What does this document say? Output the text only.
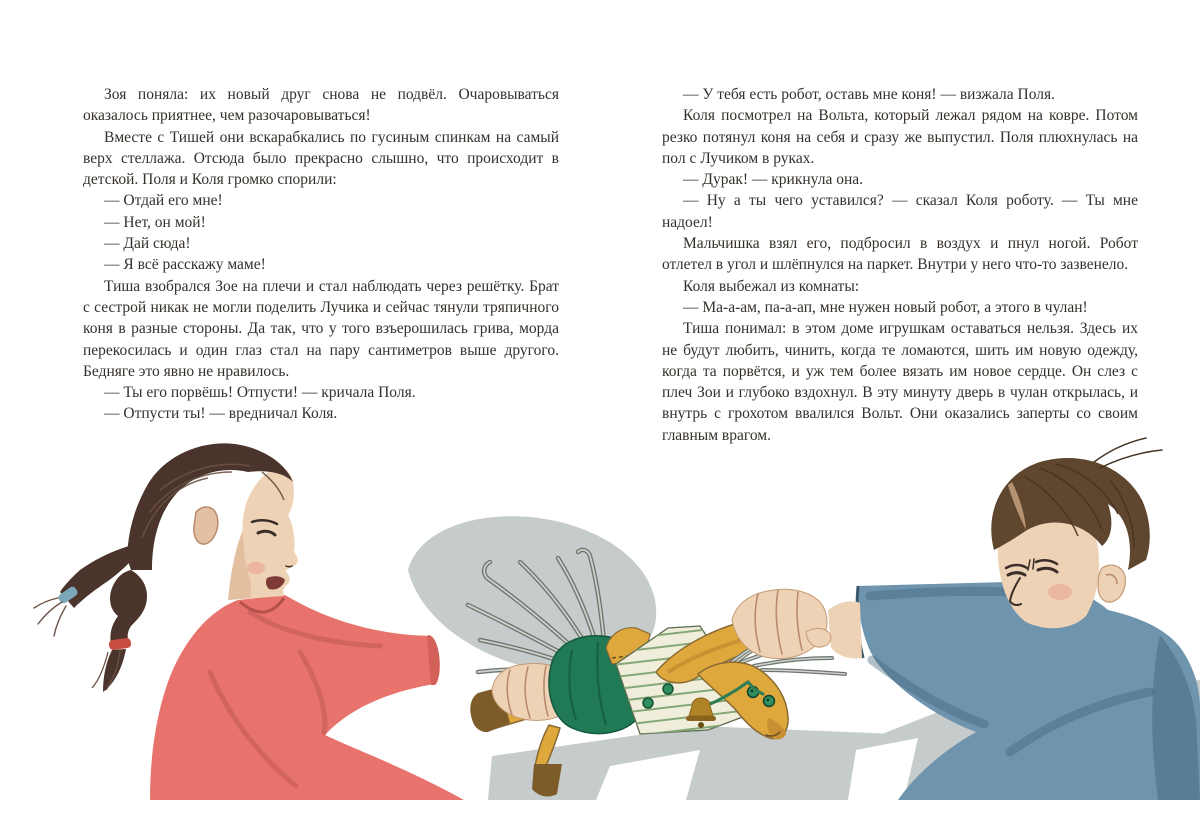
Зоя поняла: их новый друг снова не подвёл. Очаровываться оказалось приятнее, чем разочаровываться!

Вместе с Тишей они вскарабкались по гусиным спинкам на самый верх стеллажа. Отсюда было прекрасно слышно, что происходит в детской. Поля и Коля громко спорили:

— Отдай его мне!

— Нет, он мой!

— Дай сюда!

— Я всё расскажу маме!

Тиша взобрался Зое на плечи и стал наблюдать через решётку. Брат с сестрой никак не могли поделить Лучика и сейчас тянули тряпичного коня в разные стороны. Да так, что у того взъерошилась грива, морда перекосилась и один глаз стал на пару сантиметров выше другого. Бедняге это явно не нравилось.

— Ты его порвёшь! Отпусти! — кричала Поля.

— Отпусти ты! — вредничал Коля.

— У тебя есть робот, оставь мне коня! — визжала Поля.

Коля посмотрел на Вольта, который лежал рядом на ковре. Потом резко потянул коня на себя и сразу же выпустил. Поля плюхнулась на пол с Лучиком в руках.

— Дурак! — крикнула она.

— Ну а ты чего уставился? — сказал Коля роботу. — Ты мне надоел!

Мальчишка взял его, подбросил в воздух и пнул ногой. Робот отлетел в угол и шлёпнулся на паркет. Внутри у него что-то зазвенело.

Коля выбежал из комнаты:

— Ма-а-ам, па-а-ап, мне нужен новый робот, а этого в чулан!

Тиша понимал: в этом доме игрушкам оставаться нельзя. Здесь их не будут любить, чинить, когда те ломаются, шить им новую одежду, когда та порвётся, и уж тем более вязать им новое сердце. Он слез с плеч Зои и глубоко вздохнул. В эту минуту дверь в чулан открылась, и внутрь с грохотом ввалился Вольт. Они оказались заперты со своим главным врагом.
